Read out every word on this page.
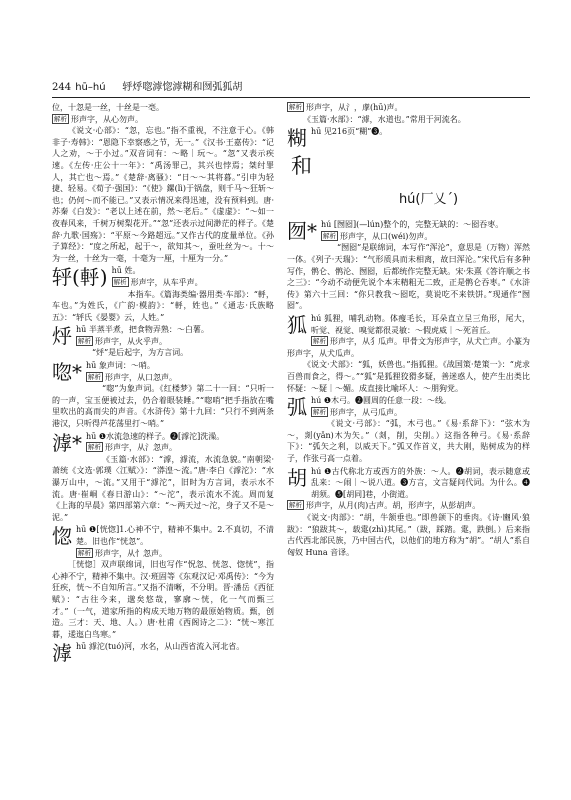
244 hū–hú 轷烀唿滹惚滹糊和囫弧狐胡

位，十忽是一丝，十丝是一亳。

解析 形声字，从心勿声。

《说文·心部》：“忽，忘也。”指不重视，不注意于心。《韩非子·寿韩》：“恩隐下幸察惑之节，无一。”《汉书·王嘉传》：“记人之劝，～于小过。”双音词有：～略｜玩～。“忽”又表示疾速。《左传·庄公十一年》：“禹汤罪己，其兴也悖焉；桀纣罪人，其亡也～焉。”《楚辞·离骚》：“日～～其将暮。”引申为轻捷、轻易。《荀子·强国》：“《使》鏍(lì)于锅盘，则千马～狂斩～也；仍何～而不能已。”又表示情况来得迅速，没有预料到。唐·苏秦《白发》：“老以上述在前，然～老后。”《虚虚》：“～如一夜春风来，千树万树梨花开。”“忽”还表示过间渺茫的样子。《楚辞·九歌·国殇》：“平原～今路超远。”又作古代的度量单位。《孙子算经》：“度之所起，起于～，欲知其～，蚕吐丝为～。十～为一丝，十丝为一毫，十毫为一厘，十厘为一分。”

轷(軤) hū 姓。

解析 形声字，从车乎声。

本指车。《篇海类编·器用类·车部》：“軤，车也。”为姓氏，《广韵·模韵》：“軤，姓也。”《通志·氏族略五》：“轷氏《晏婴》云，人姓。”

烀 hū 半蒸半煮，把食物弄熟：～白薯。

解析 形声字，从火乎声。

“烀”是后起字，为方言词。

唿* hū 象声词：～哨。

解析 形声字，从口忽声。

“唿”为象声词。《红楼梦》第二十一回：“只听一的一声，宝玉便被过去，仍合着眼装睡。”“唿哨”把手指放在嘴里吹出的高而尖的声音。《水浒传》第十九回：“只行不到两条港汉，只听得芦花荡里打～哨。”

滹* hū ❶水流急速的样子。❷[滹沱]洗澡。

解析 形声字，从氵忽声。

《玉篇·水部》：“滹，滹流，水流急貌。”南朝梁·萧统《文选·郭璞〈江赋〉》：“漭湟～流。”唐·李白《滹沱》：“水瀑万山中，～流。”又用于“滹沱”，旧时为方言词，表示水不流。唐·崔峒《春日游山》：“～沱”，表示流水不流。周而复《上海的早晨》第四部第六章：“～两天过～沱，身子又不是～泥。”

惚 hū ❶[恍惚]1.心神不宁，精神不集中。2.不真切，不清楚。旧也作“恍忽”。

解析 形声字，从忄忽声。

［恍惚］双声联绵词，旧也写作“怳忽、恍忽、惚恍”，指心神不宁，精神不集中。汉·班固等《东观汉记·邓禹传》：“今为狂疾，恍～不自知所言。”又指不清晰，不分明。晋·潘岳《西征赋》：“古往今来，邈矣悠哉，寥廓～恍，化一气而甄三才。”（一气，道家所指的构成天地万物的最原始物质。甄，创造。三才：天、地、人。）唐·杜甫《西阁诗之二》：“恍～寒江暮，逶迤白鸟寒。”

滹 hū 滹沱(tuó)河，水名，从山西省流入河北省。

解析 形声字，从氵，虖(hū)声。

《玉篇·水部》：“滹，水道也。”常用于河流名。

糊 hū 见216页“糊”❸。

和
hú(厂乂ˊ)
囫* hú [囫囵](—lún)整个的，完整无缺的：～囵吞枣。

解析 形声字，从口(wéi)勿声。

“囫囵”是联绵词，本写作“浑沦”，意思是（万物）浑然一体。《列子·天瑞》：“气形质具而未相离，故曰浑沦。”宋代后有多种写作，鹘仑、鹘沦、囫囵，后都统作完整无缺。宋·朱熹《答许顺之书之三》：“今动不动便先说个本末精粗无二致，正是鹘仑吞枣。”《水浒传》第六十三回：“你只教我～囵吃，莫说吃不来铁饼。”现通作“囫囵”。

狐 hú 狐狸，哺乳动物。体瘦毛长，耳朵直立呈三角形，尾大，听觉、视觉、嗅觉都很灵敏：～假虎威｜～死首丘。

解析 形声字，从犭瓜声。甲骨文为形声字，从犬亡声。小篆为形声字，从犬瓜声。

《说文·犬部》：“狐，妖兽也。”指狐狸。《战国策·楚策一》：“虎求百兽而食之，得～。”“狐”是狐狸狡猾多疑，善迷惑人，使产生出类比怀疑：～疑｜～媚。成直接比喻坏人：～朋狗党。

弧 hú ❶木弓。❷圆周的任意一段：～线。

解析 形声字，从弓瓜声。

《说文·弓部》：“弧，木弓也。”《易·系辞下》：“弦木为～，剡(yǎn)木为矢。”（剡，削，尖削。）这指各种弓。《易·系辞下》：“弧矢之利，以威天下。”弧又作首义，共大刚，贴树成为的样子，作张弓高一点着。

胡 hú ❶古代称北方或西方的外族：～人。❷胡词，表示随意或乱来：～闹｜～说八道。❸方言，文言疑问代词。为什么。❹胡须。❺[胡同]巷，小街道。

解析 形声字，从月(肉)古声。胡，形声字，从彭胡声。

《说文·肉部》：“胡，牛颔垂也。”即兽颌下的垂肉。《诗·豳风·狼跋》：“狼跋其～，载疐(zhì)其尾。”（跋，踩踏。疐，跌倒。）后来指古代西北部民族，乃中国古代，以他们的地方称为“胡”。“胡人”系自匈奴 Huna 音译。
